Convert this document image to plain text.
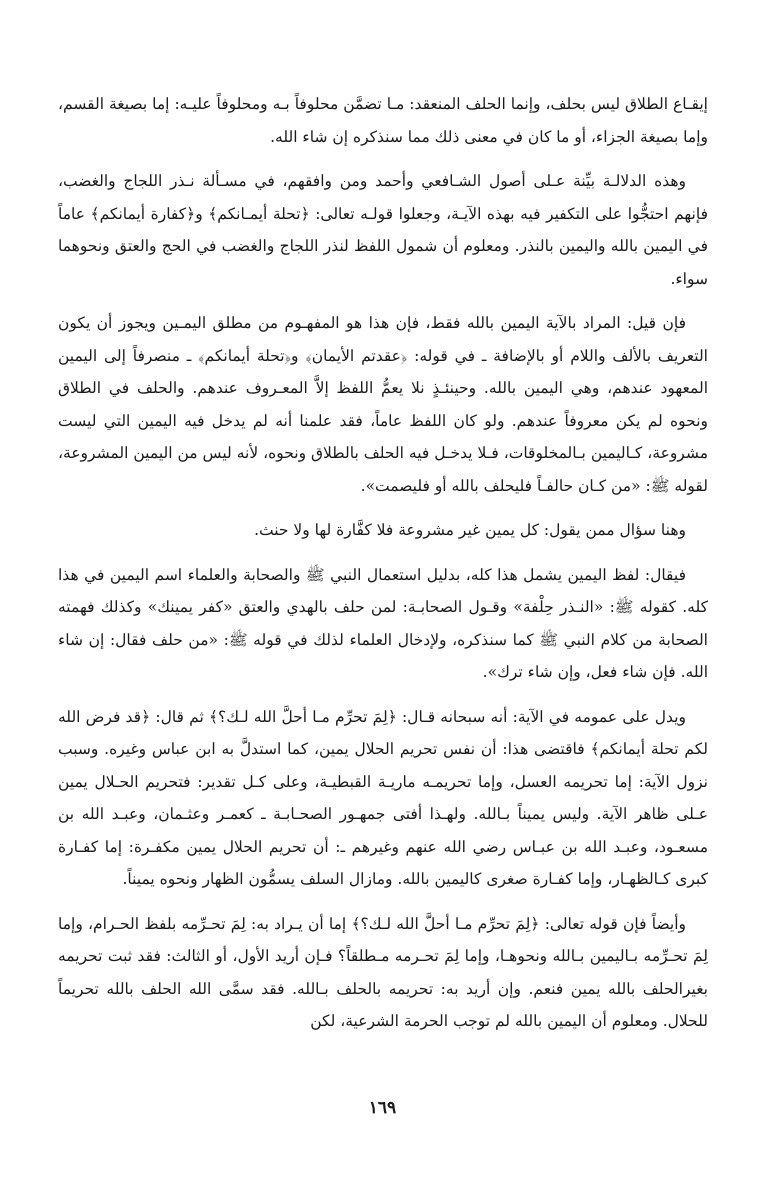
إيقـاع الطلاق ليس بحلف، وإنما الحلف المنعقد: مـا تضمَّن محلوفاً بـه ومحلوفاً عليـه: إما بصيغة القسم، وإما بصيغة الجزاء، أو ما كان في معنى ذلك مما سنذكره إن شاء الله.

وهذه الدلالـة بيِّنة عـلى أصول الشـافعي وأحمد ومن وافقهم، في مسـألة نـذر اللجاج والغضب، فإنهم احتجُّوا على التكفير فيه بهذه الآيـة، وجعلوا قولـه تعالى: ﴿تحلة أيمـانكم﴾ و﴿كفارة أيمانكم﴾ عاماً في اليمين بالله واليمين بالنذر. ومعلوم أن شمول اللفظ لنذر اللجاج والغضب في الحج والعتق ونحوهما سواء.

فإن قيل: المراد بالآية اليمين بالله فقط، فإن هذا هو المفهـوم من مطلق اليمـين ويجوز أن يكون التعريف بالألف واللام أو بالإضافة ـ في قوله: ﴿عقدتم الأيمان﴾ و﴿تحلة أيمانكم﴾ ـ منصرفاً إلى اليمين المعهود عندهم، وهي اليمين بالله. وحينئـذٍ نلا يعمُّ اللفظ إلاَّ المعـروف عندهم. والحلف في الطلاق ونحوه لم يكن معروفاً عندهم. ولو كان اللفظ عاماً، فقد علمنا أنه لم يدخل فيه اليمين التي ليست مشروعة، كـاليمين بـالمخلوقات، فـلا يدخـل فيه الحلف بالطلاق ونحوه، لأنه ليس من اليمين المشروعة، لقوله ﷺ: «من كـان حالفـاً فليحلف بالله أو فليصمت».

وهنا سؤال ممن يقول: كل يمين غير مشروعة فلا كفَّارة لها ولا حنث.

فيقال: لفظ اليمين يشمل هذا كله، بدليل استعمال النبي ﷺ والصحابة والعلماء اسم اليمين في هذا كله. كقوله ﷺ: «النـذر حِلْفة» وقـول الصحابـة: لمن حلف بالهدي والعتق «كفر يمينك» وكذلك فهمته الصحابة من كلام النبي ﷺ كما سنذكره، ولإدخال العلماء لذلك في قوله ﷺ: «من حلف فقال: إن شاء الله. فإن شاء فعل، وإن شاء ترك».

ويدل على عمومه في الآية: أنه سبحانه قـال: ﴿لِمَ تحرِّم مـا أحلَّ الله لـك؟﴾ ثم قال: ﴿قد فرض الله لكم تحلة أيمانكم﴾ فاقتضى هذا: أن نفس تحريم الحلال يمين، كما استدلَّ به ابن عباس وغيره. وسبب نزول الآية: إما تحريمه العسل، وإما تحريمـه ماريـة القبطيـة، وعلى كـل تقدير: فتحريم الحـلال يمين عـلى ظاهر الآية. وليس يميناً بـالله. ولهـذا أفتى جمهـور الصحـابـة ـ كعمـر وعثـمان، وعبـد الله بن مسعـود، وعبـد الله بن عبـاس رضي الله عنهم وغيرهم ـ: أن تحريم الحلال يمين مكفـرة: إما كفـارة كبرى كـالظهـار، وإما كفـارة صغرى كاليمين بالله. ومازال السلف يسمُّون الظهار ونحوه يميناً.

وأيضاً فإن قوله تعالى: ﴿لِمَ تحرِّم مـا أحلَّ الله لـك؟﴾ إما أن يـراد به: لِمَ تحـرِّمه بلفظ الحـرام، وإما لِمَ تحـرِّمه بـاليمين بـالله ونحوهـا، وإما لِمَ تحـرمه مـطلقاً؟ فـإن أريد الأول، أو الثالث: فقد ثبت تحريمه بغيرالحلف بالله يمين فنعم. وإن أريد به: تحريمه بالحلف بـالله. فقد سمَّى الله الحلف بالله تحريماً للحلال. ومعلوم أن اليمين بالله لم توجب الحرمة الشرعية، لكن

١٦٩
